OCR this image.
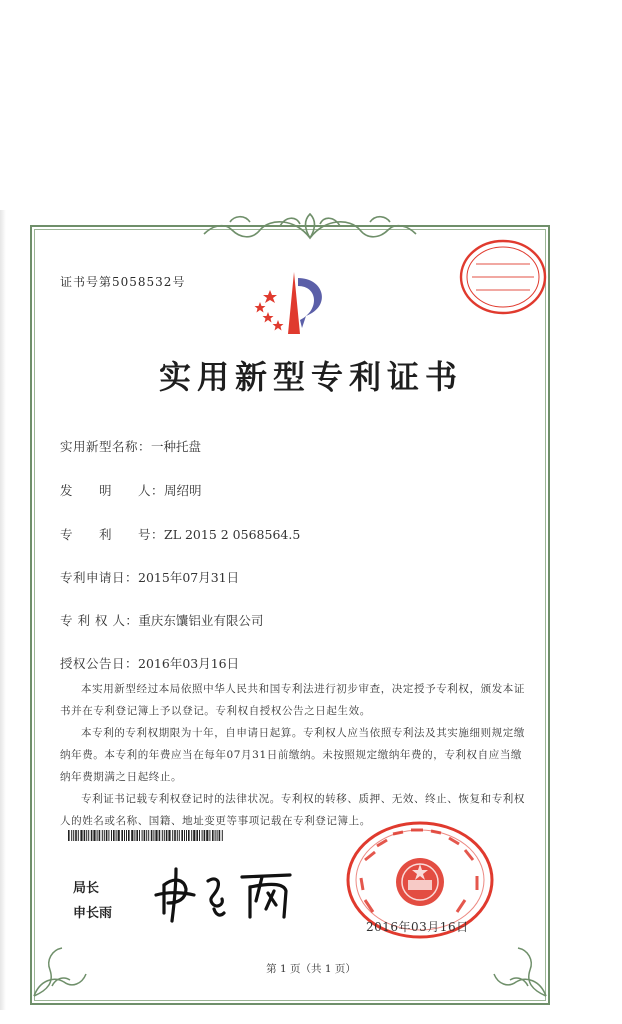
证书号第5058532号
实用新型专利证书
实用新型名称：一种托盘
发　　明　　人：周绍明
专　　利　　号：ZL 2015 2 0568564.5
专利申请日：2015年07月31日
专 利 权 人：重庆东馕铝业有限公司
授权公告日：2016年03月16日

本实用新型经过本局依照中华人民共和国专利法进行初步审查，决定授予专利权，颁发本证书并在专利登记簿上予以登记。专利权自授权公告之日起生效。

本专利的专利权期限为十年，自申请日起算。专利权人应当依照专利法及其实施细则规定缴纳年费。本专利的年费应当在每年07月31日前缴纳。未按照规定缴纳年费的，专利权自应当缴纳年费期满之日起终止。

专利证书记载专利权登记时的法律状况。专利权的转移、质押、无效、终止、恢复和专利权人的姓名或名称、国籍、地址变更等事项记载在专利登记簿上。

局长
申长雨
2016年03月16日
第 1 页（共 1 页）
